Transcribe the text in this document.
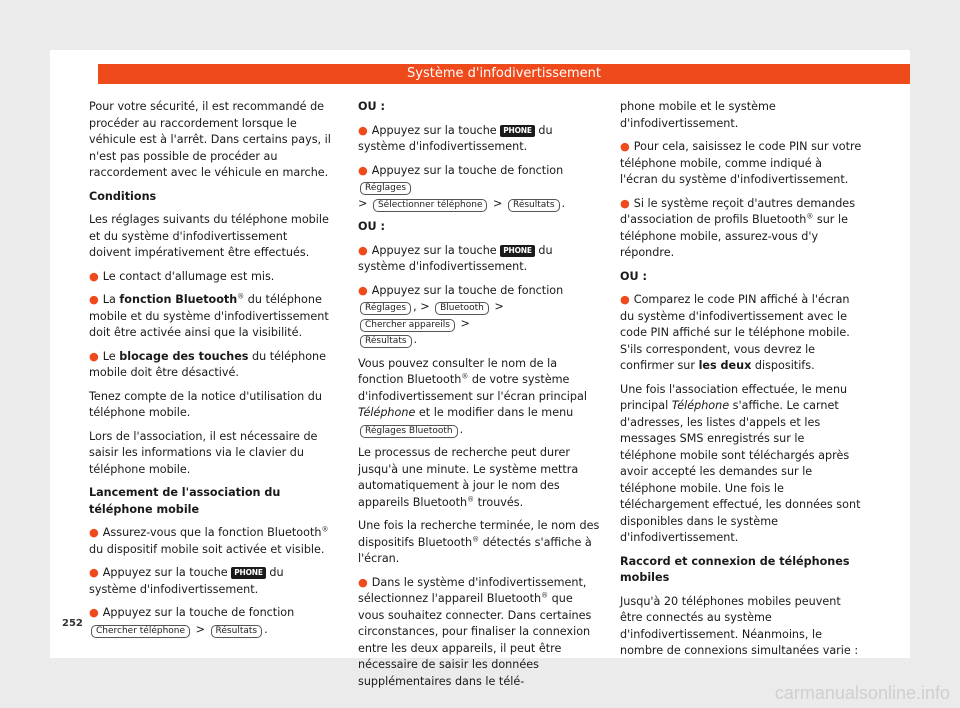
Système d'infodivertissement

Pour votre sécurité, il est recommandé de procéder au raccordement lorsque le véhicule est à l'arrêt. Dans certains pays, il n'est pas possible de procéder au raccordement avec le véhicule en marche.

Conditions

Les réglages suivants du téléphone mobile et du système d'infodivertissement doivent impérativement être effectués.

● Le contact d'allumage est mis.

● La fonction Bluetooth® du téléphone mobile et du système d'infodivertissement doit être activée ainsi que la visibilité.

● Le blocage des touches du téléphone mobile doit être désactivé.

Tenez compte de la notice d'utilisation du téléphone mobile.

Lors de l'association, il est nécessaire de saisir les informations via le clavier du téléphone mobile.

Lancement de l'association du téléphone mobile

● Assurez-vous que la fonction Bluetooth® du dispositif mobile soit activée et visible.

● Appuyez sur la touche PHONE du système d'infodivertissement.

● Appuyez sur la touche de fonction
Chercher téléphone > Résultats .

OU :

● Appuyez sur la touche PHONE du système d'infodivertissement.

● Appuyez sur la touche de fonction Réglages
> Sélectionner téléphone > Résultats .

OU :

● Appuyez sur la touche PHONE du système d'infodivertissement.

● Appuyez sur la touche de fonction
Réglages , > Bluetooth > Chercher appareils >
Résultats .

Vous pouvez consulter le nom de la fonction Bluetooth® de votre système d'infodivertissement sur l'écran principal Téléphone et le modifier dans le menu Réglages Bluetooth .

Le processus de recherche peut durer jusqu'à une minute. Le système mettra automatiquement à jour le nom des appareils Bluetooth® trouvés.

Une fois la recherche terminée, le nom des dispositifs Bluetooth® détectés s'affiche à l'écran.

● Dans le système d'infodivertissement, sélectionnez l'appareil Bluetooth® que vous souhaitez connecter. Dans certaines circonstances, pour finaliser la connexion entre les deux appareils, il peut être nécessaire de saisir les données supplémentaires dans le télé-

phone mobile et le système d'infodivertissement.

● Pour cela, saisissez le code PIN sur votre téléphone mobile, comme indiqué à l'écran du système d'infodivertissement.

● Si le système reçoit d'autres demandes d'association de profils Bluetooth® sur le téléphone mobile, assurez-vous d'y répondre.

OU :

● Comparez le code PIN affiché à l'écran du système d'infodivertissement avec le code PIN affiché sur le téléphone mobile. S'ils correspondent, vous devrez le confirmer sur les deux dispositifs.

Une fois l'association effectuée, le menu principal Téléphone s'affiche. Le carnet d'adresses, les listes d'appels et les messages SMS enregistrés sur le téléphone mobile sont téléchargés après avoir accepté les demandes sur le téléphone mobile. Une fois le téléchargement effectué, les données sont disponibles dans le système d'infodivertissement.

Raccord et connexion de téléphones mobiles

Jusqu'à 20 téléphones mobiles peuvent être connectés au système d'infodivertissement. Néanmoins, le nombre de connexions simultanées varie :

252
carmanualsonline.info
